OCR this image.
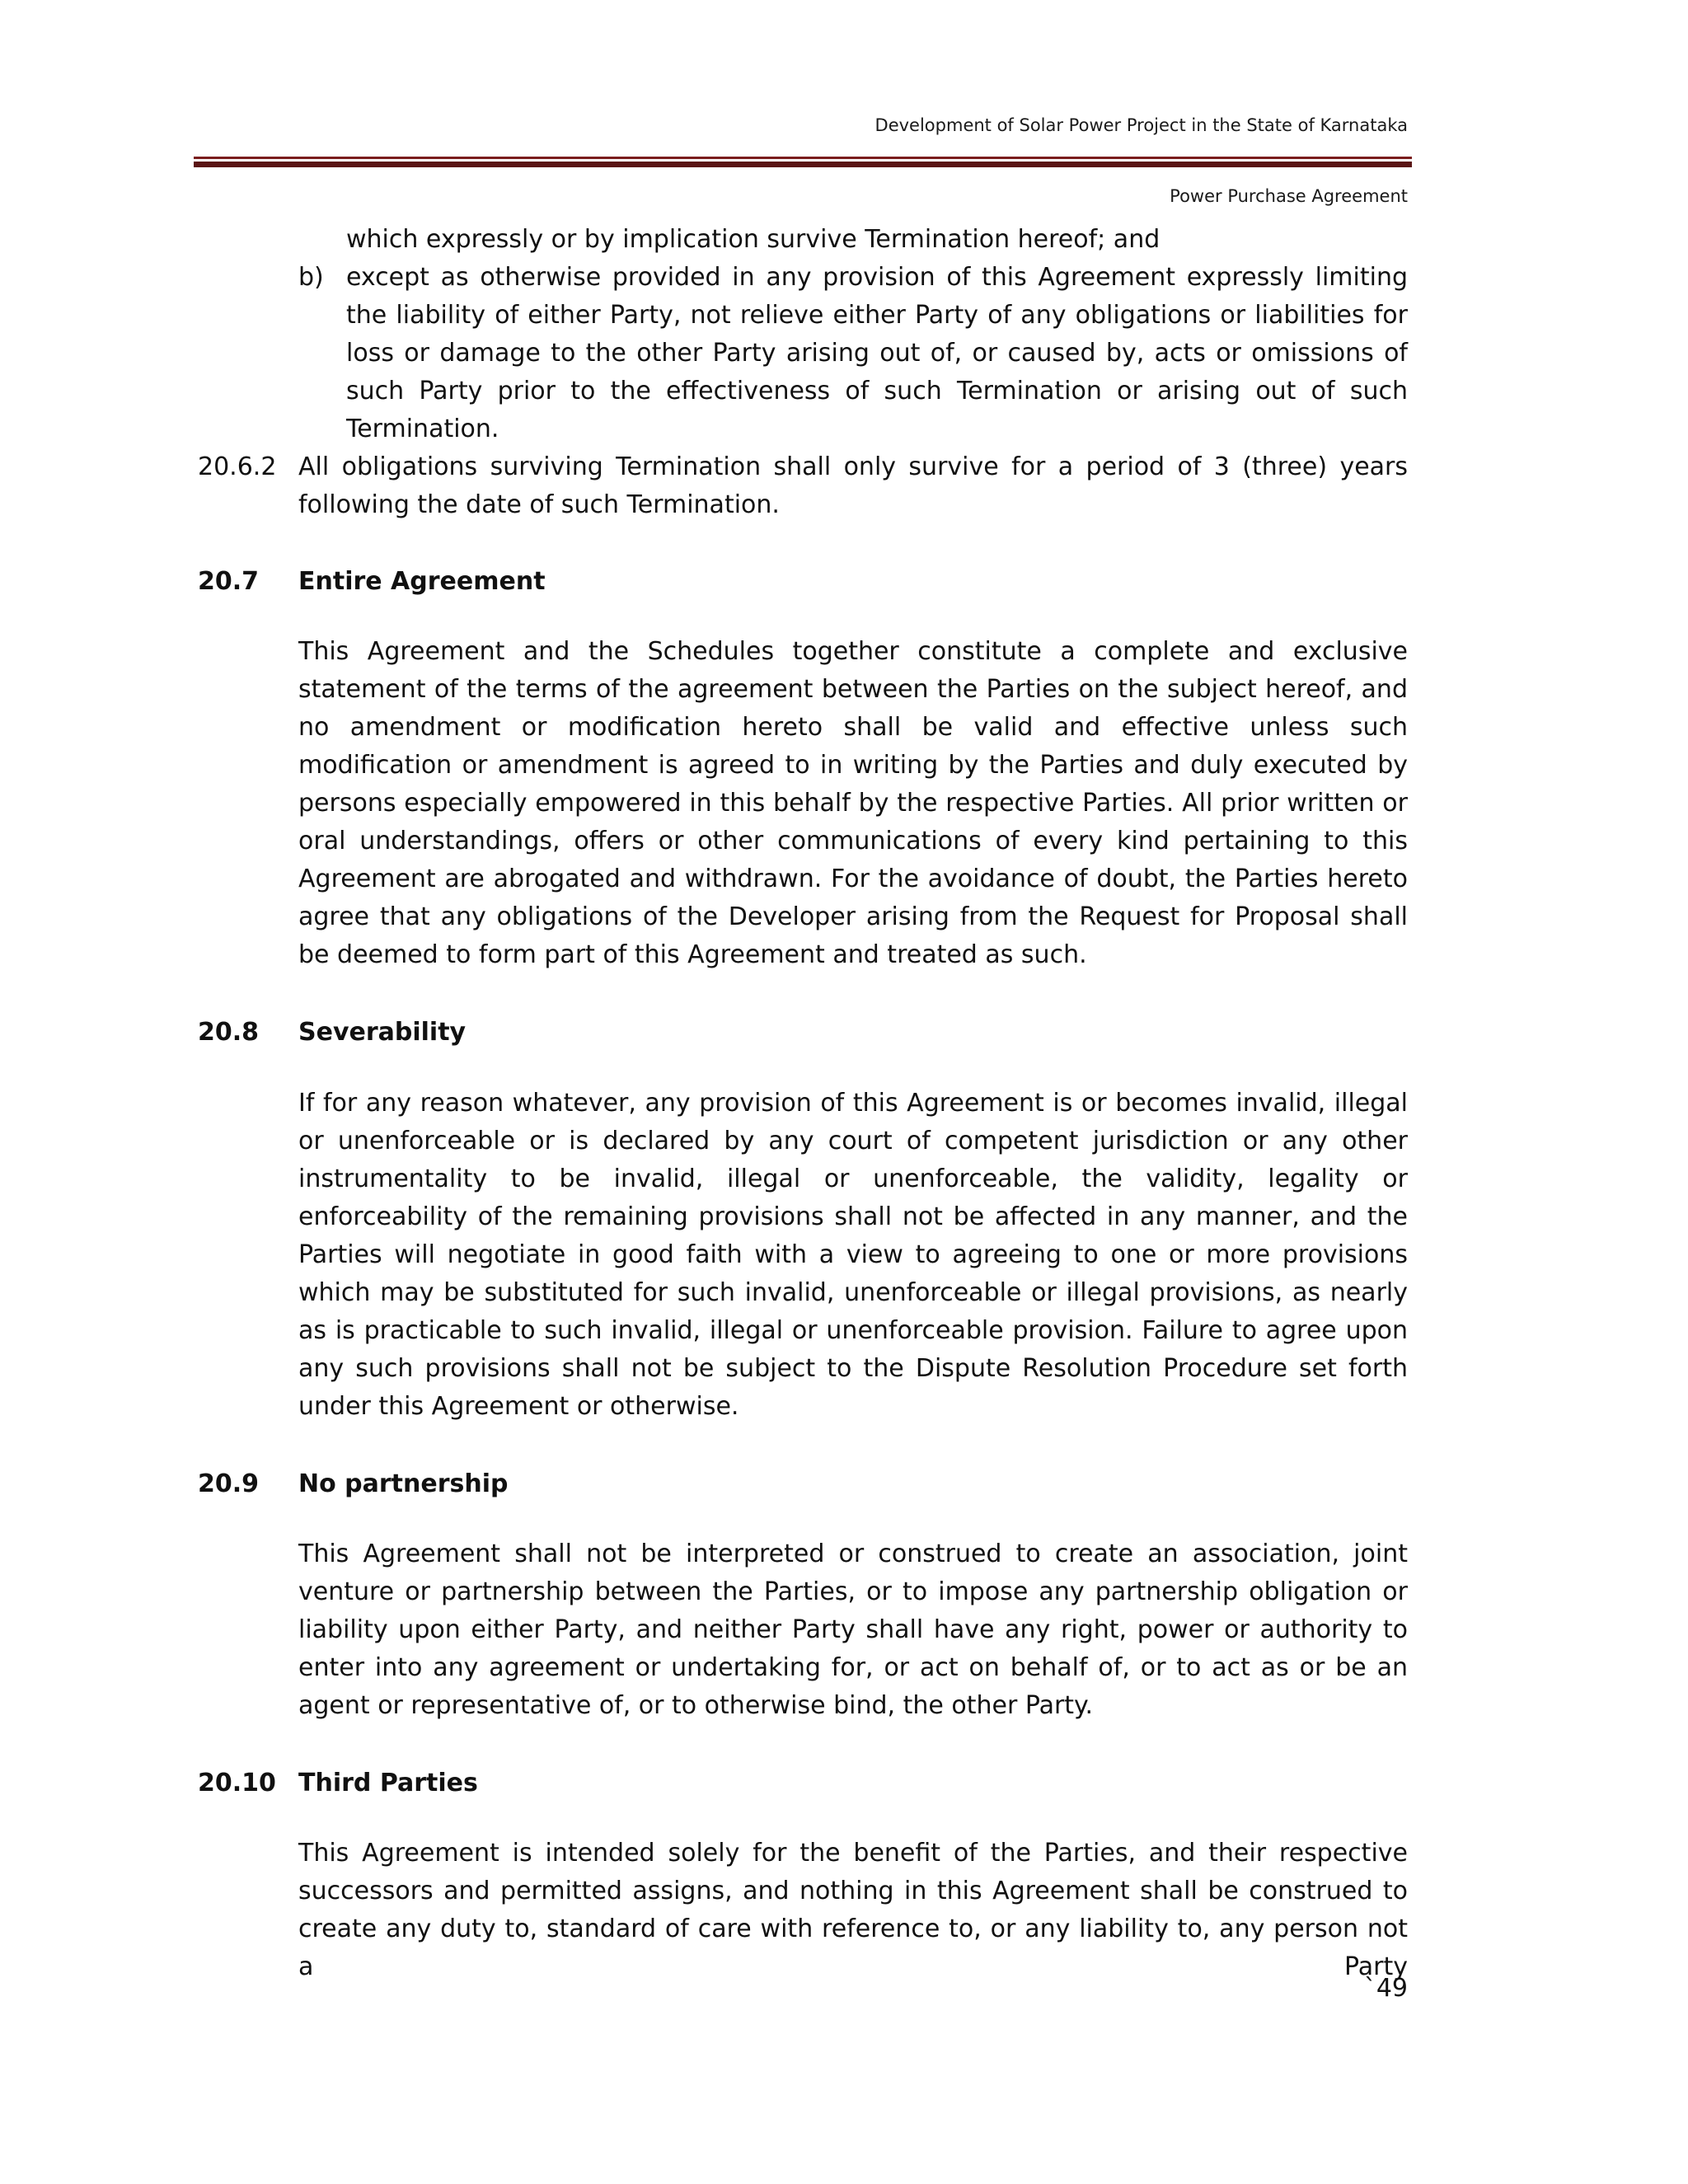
Development of Solar Power Project in the State of Karnataka
Power Purchase Agreement
which expressly or by implication survive Termination hereof; and
b) except as otherwise provided in any provision of this Agreement expressly limiting the liability of either Party, not relieve either Party of any obligations or liabilities for loss or damage to the other Party arising out of, or caused by, acts or omissions of such Party prior to the effectiveness of such Termination or arising out of such Termination.
20.6.2 All obligations surviving Termination shall only survive for a period of 3 (three) years following the date of such Termination.
20.7 Entire Agreement
This Agreement and the Schedules together constitute a complete and exclusive statement of the terms of the agreement between the Parties on the subject hereof, and no amendment or modification hereto shall be valid and effective unless such modification or amendment is agreed to in writing by the Parties and duly executed by persons especially empowered in this behalf by the respective Parties. All prior written or oral understandings, offers or other communications of every kind pertaining to this Agreement are abrogated and withdrawn. For the avoidance of doubt, the Parties hereto agree that any obligations of the Developer arising from the Request for Proposal shall be deemed to form part of this Agreement and treated as such.
20.8 Severability
If for any reason whatever, any provision of this Agreement is or becomes invalid, illegal or unenforceable or is declared by any court of competent jurisdiction or any other instrumentality to be invalid, illegal or unenforceable, the validity, legality or enforceability of the remaining provisions shall not be affected in any manner, and the Parties will negotiate in good faith with a view to agreeing to one or more provisions which may be substituted for such invalid, unenforceable or illegal provisions, as nearly as is practicable to such invalid, illegal or unenforceable provision. Failure to agree upon any such provisions shall not be subject to the Dispute Resolution Procedure set forth under this Agreement or otherwise.
20.9 No partnership
This Agreement shall not be interpreted or construed to create an association, joint venture or partnership between the Parties, or to impose any partnership obligation or liability upon either Party, and neither Party shall have any right, power or authority to enter into any agreement or undertaking for, or act on behalf of, or to act as or be an agent or representative of, or to otherwise bind, the other Party.
20.10 Third Parties
This Agreement is intended solely for the benefit of the Parties, and their respective successors and permitted assigns, and nothing in this Agreement shall be construed to create any duty to, standard of care with reference to, or any liability to, any person not a Party
`49
